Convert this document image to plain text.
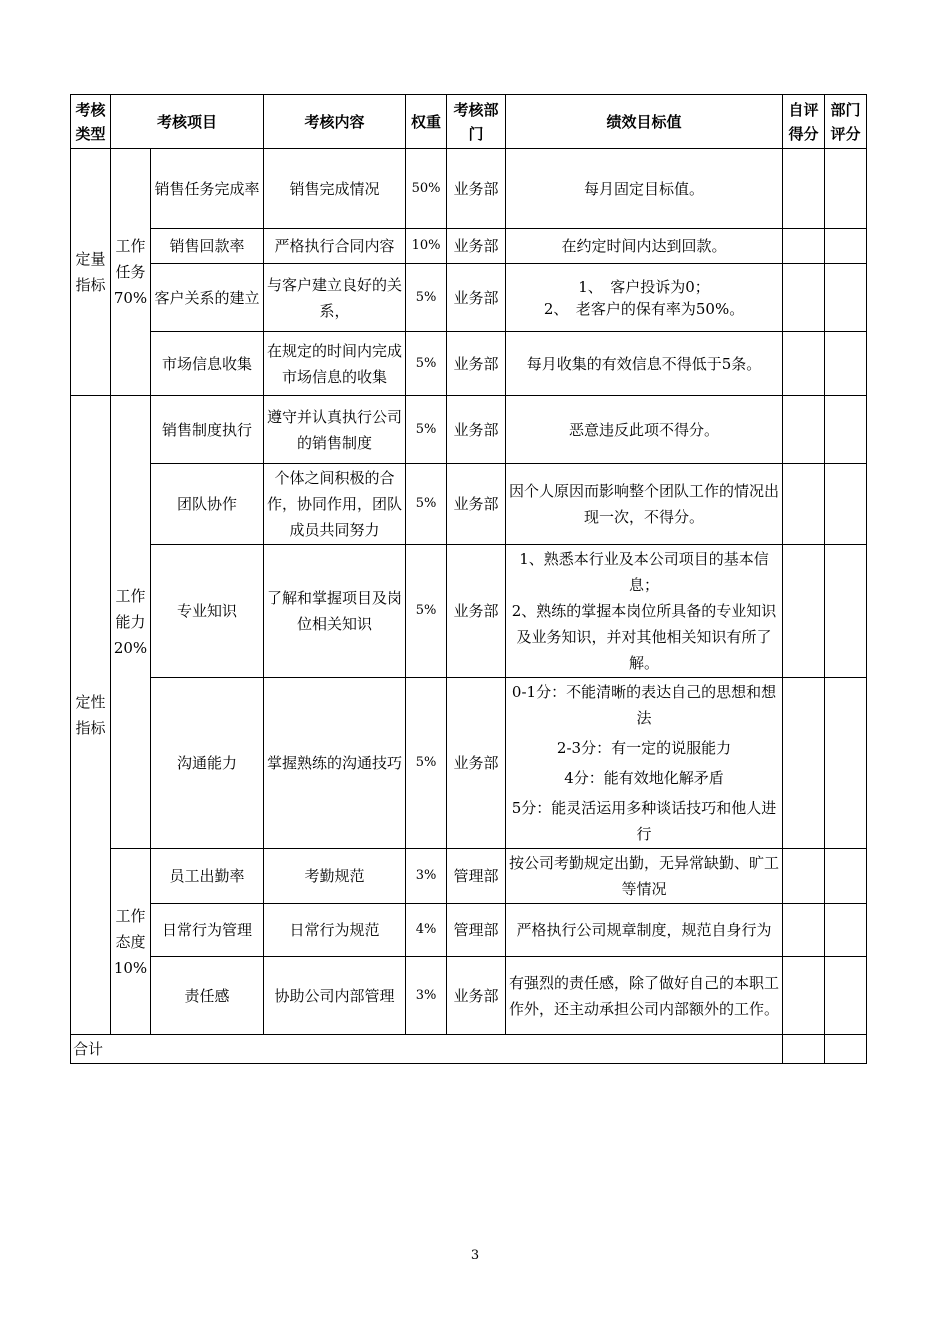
考核类型	考核项目		考核内容	权重	考核部门	绩效目标值	自评得分	部门评分
定量指标	工作任务70%	销售任务完成率	销售完成情况	50%	业务部	每月固定目标值。		

		销售回款率	严格执行合同内容	10%	业务部	在约定时间内达到回款。		

		客户关系的建立	与客户建立良好的关系，	5%	业务部	1、　客户投诉为0；
2、　老客户的保有率为50%。		

		市场信息收集	在规定的时间内完成市场信息的收集	5%	业务部	每月收集的有效信息不得低于5条。		

定性指标	工作能力20%	销售制度执行	遵守并认真执行公司的销售制度	5%	业务部	恶意违反此项不得分。		

		团队协作	个体之间积极的合作，协同作用，团队成员共同努力	5%	业务部	因个人原因而影响整个团队工作的情况出现一次，不得分。		

		专业知识	了解和掌握项目及岗位相关知识	5%	业务部	1、熟悉本行业及本公司项目的基本信息；
2、熟练的掌握本岗位所具备的专业知识及业务知识，并对其他相关知识有所了解。		

		沟通能力	掌握熟练的沟通技巧	5%	业务部	0-1分：不能清晰的表达自己的思想和想法
2-3分：有一定的说服能力
4分：能有效地化解矛盾
5分：能灵活运用多种谈话技巧和他人进行		

	工作态度10%	员工出勤率	考勤规范	3%	管理部	按公司考勤规定出勤，无异常缺勤、旷工等情况		

		日常行为管理	日常行为规范	4%	管理部	严格执行公司规章制度，规范自身行为		

		责任感	协助公司内部管理	3%	业务部	有强烈的责任感，除了做好自己的本职工作外，还主动承担公司内部额外的工作。		

合计								
3
